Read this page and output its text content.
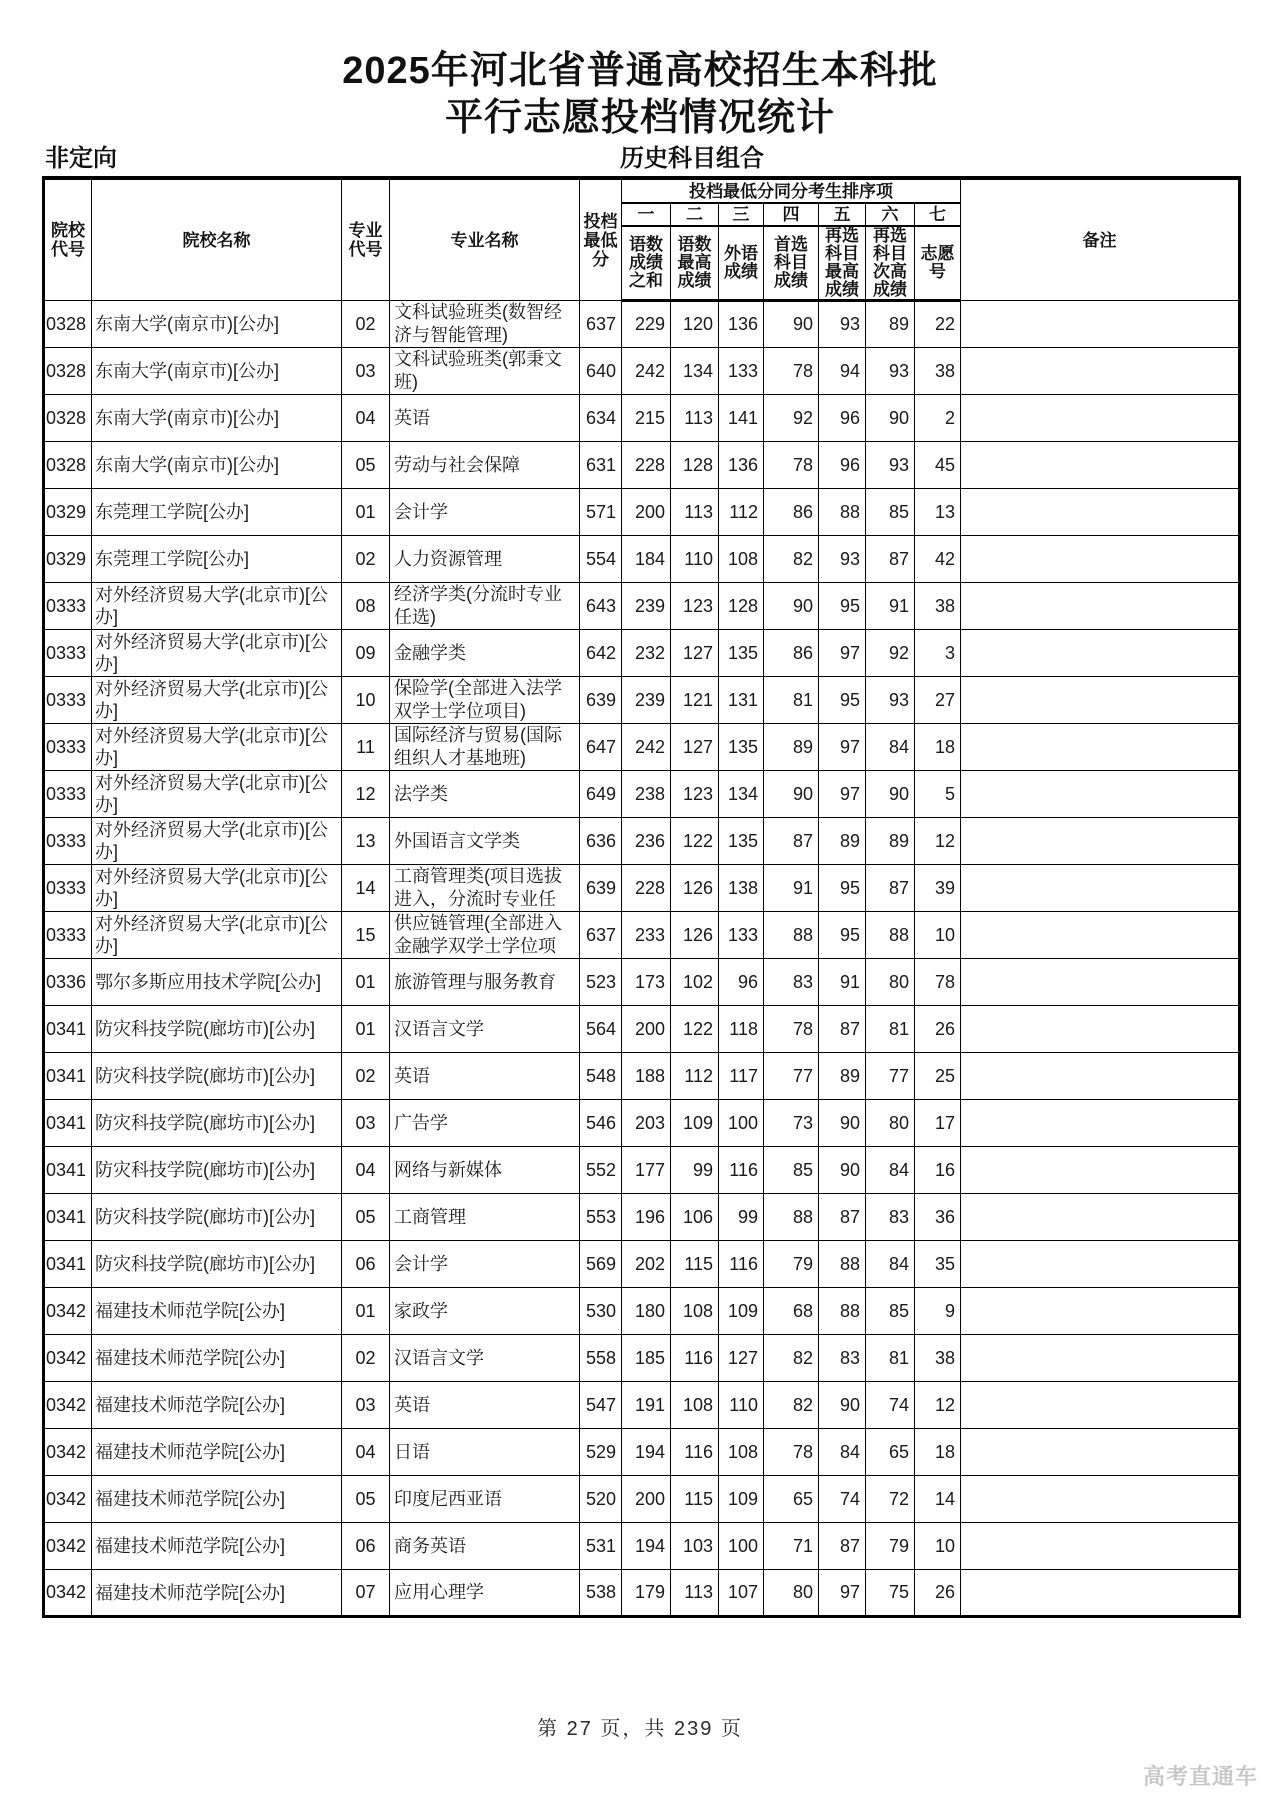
2025年河北省普通高校招生本科批
平行志愿投档情况统计
非定向	历史科目组合
院校代号	院校名称	专业代号	专业名称	投档最低分	投档最低分同分考生排序项							备注
					一	二	三	四	五	六	七	
					语数成绩之和	语数最高成绩	外语成绩	首选科目成绩	再选科目最高成绩	再选科目次高成绩	志愿号	
0328	东南大学(南京市)[公办]	02	文科试验班类(数智经济与智能管理)	637	229	120	136	90	93	89	22	
0328	东南大学(南京市)[公办]	03	文科试验班类(郭秉文班)	640	242	134	133	78	94	93	38	
0328	东南大学(南京市)[公办]	04	英语	634	215	113	141	92	96	90	2	
0328	东南大学(南京市)[公办]	05	劳动与社会保障	631	228	128	136	78	96	93	45	
0329	东莞理工学院[公办]	01	会计学	571	200	113	112	86	88	85	13	
0329	东莞理工学院[公办]	02	人力资源管理	554	184	110	108	82	93	87	42	
0333	对外经济贸易大学(北京市)[公办]	08	经济学类(分流时专业任选)	643	239	123	128	90	95	91	38	
0333	对外经济贸易大学(北京市)[公办]	09	金融学类	642	232	127	135	86	97	92	3	
0333	对外经济贸易大学(北京市)[公办]	10	保险学(全部进入法学双学士学位项目)	639	239	121	131	81	95	93	27	
0333	对外经济贸易大学(北京市)[公办]	11	国际经济与贸易(国际组织人才基地班)	647	242	127	135	89	97	84	18	
0333	对外经济贸易大学(北京市)[公办]	12	法学类	649	238	123	134	90	97	90	5	
0333	对外经济贸易大学(北京市)[公办]	13	外国语言文学类	636	236	122	135	87	89	89	12	
0333	对外经济贸易大学(北京市)[公办]	14	工商管理类(项目选拔进入，分流时专业任	639	228	126	138	91	95	87	39	
0333	对外经济贸易大学(北京市)[公办]	15	供应链管理(全部进入金融学双学士学位项	637	233	126	133	88	95	88	10	
0336	鄂尔多斯应用技术学院[公办]	01	旅游管理与服务教育	523	173	102	96	83	91	80	78	
0341	防灾科技学院(廊坊市)[公办]	01	汉语言文学	564	200	122	118	78	87	81	26	
0341	防灾科技学院(廊坊市)[公办]	02	英语	548	188	112	117	77	89	77	25	
0341	防灾科技学院(廊坊市)[公办]	03	广告学	546	203	109	100	73	90	80	17	
0341	防灾科技学院(廊坊市)[公办]	04	网络与新媒体	552	177	99	116	85	90	84	16	
0341	防灾科技学院(廊坊市)[公办]	05	工商管理	553	196	106	99	88	87	83	36	
0341	防灾科技学院(廊坊市)[公办]	06	会计学	569	202	115	116	79	88	84	35	
0342	福建技术师范学院[公办]	01	家政学	530	180	108	109	68	88	85	9	
0342	福建技术师范学院[公办]	02	汉语言文学	558	185	116	127	82	83	81	38	
0342	福建技术师范学院[公办]	03	英语	547	191	108	110	82	90	74	12	
0342	福建技术师范学院[公办]	04	日语	529	194	116	108	78	84	65	18	
0342	福建技术师范学院[公办]	05	印度尼西亚语	520	200	115	109	65	74	72	14	
0342	福建技术师范学院[公办]	06	商务英语	531	194	103	100	71	87	79	10	
0342	福建技术师范学院[公办]	07	应用心理学	538	179	113	107	80	97	75	26	
第 27 页，共 239 页
高考直通车
